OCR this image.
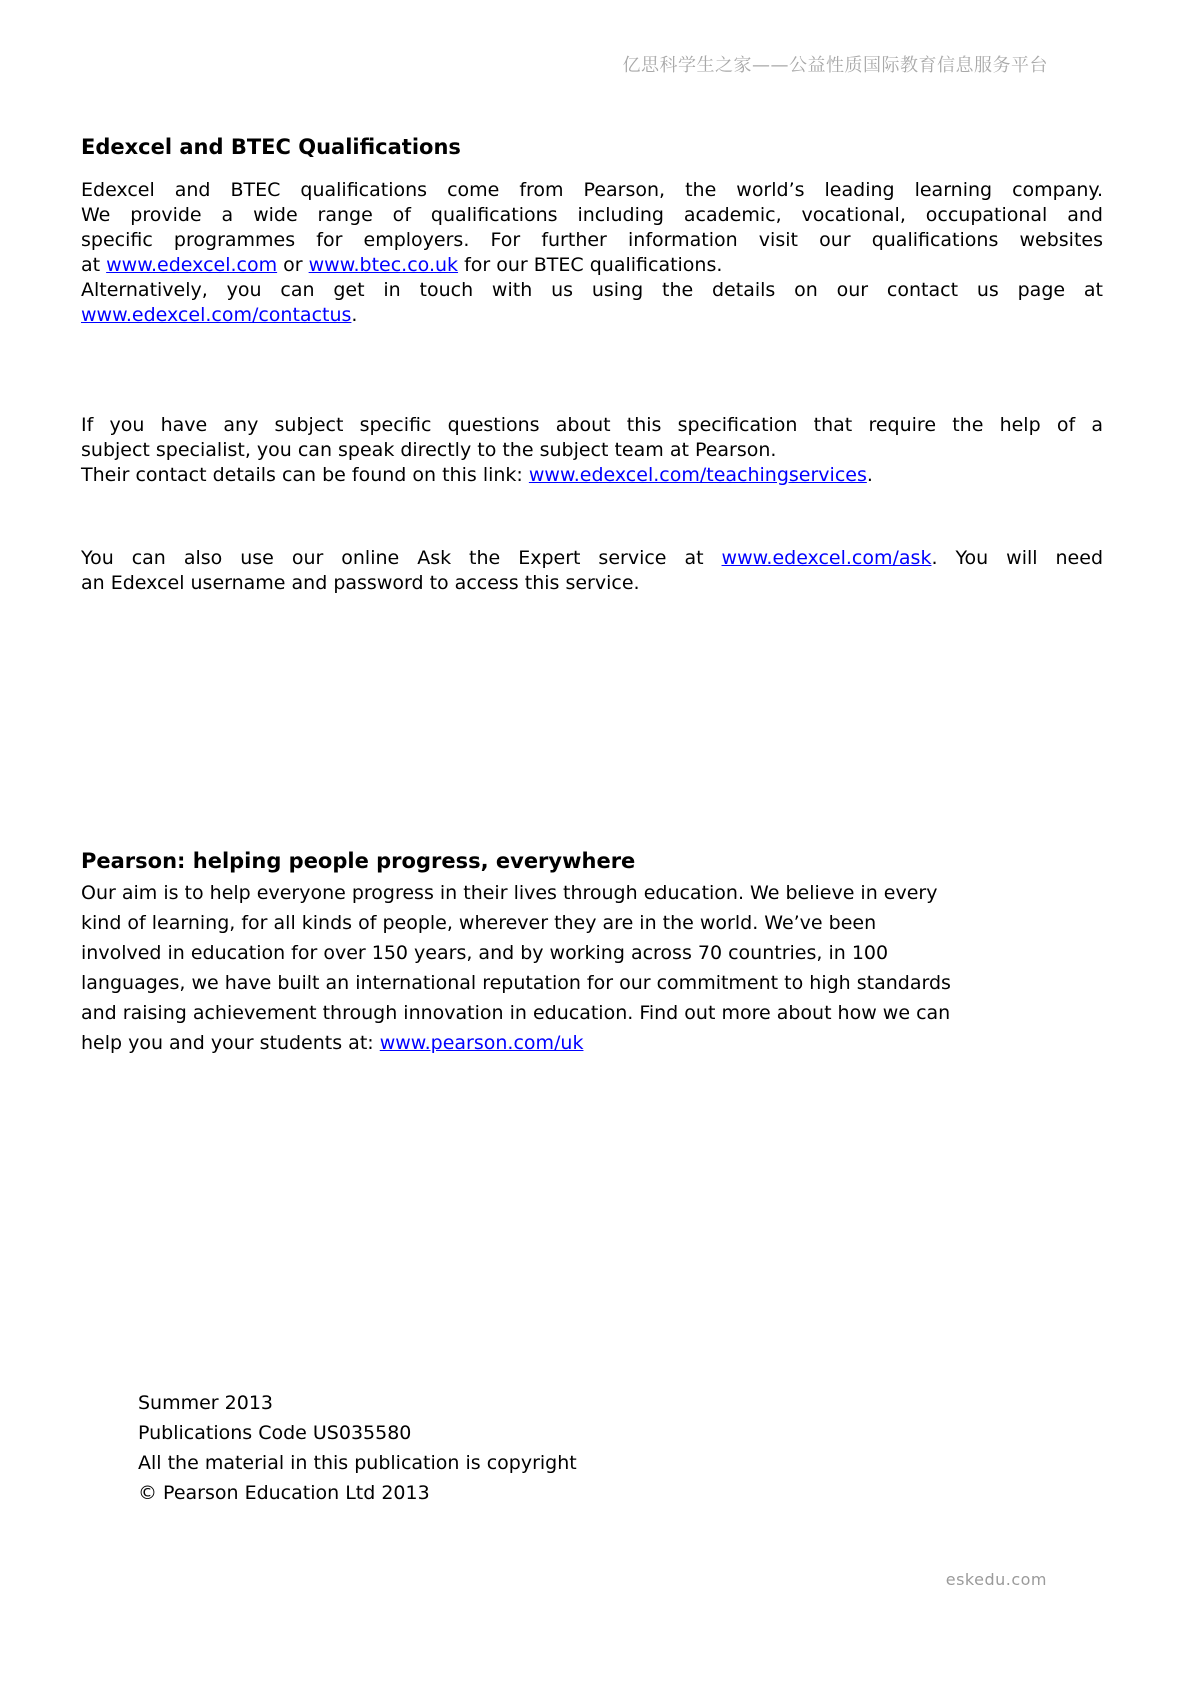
亿思科学生之家——公益性质国际教育信息服务平台
Edexcel and BTEC Qualifications
Edexcel and BTEC qualifications come from Pearson, the world’s leading learning company.
We provide a wide range of qualifications including academic, vocational, occupational and
specific programmes for employers. For further information visit our qualifications websites
at www.edexcel.com or www.btec.co.uk for our BTEC qualifications.
Alternatively, you can get in touch with us using the details on our contact us page at
www.edexcel.com/contactus.
If you have any subject specific questions about this specification that require the help of a
subject specialist, you can speak directly to the subject team at Pearson.
Their contact details can be found on this link: www.edexcel.com/teachingservices.
You can also use our online Ask the Expert service at www.edexcel.com/ask. You will need
an Edexcel username and password to access this service.
Pearson: helping people progress, everywhere
Our aim is to help everyone progress in their lives through education. We believe in every
kind of learning, for all kinds of people, wherever they are in the world. We’ve been
involved in education for over 150 years, and by working across 70 countries, in 100
languages, we have built an international reputation for our commitment to high standards
and raising achievement through innovation in education. Find out more about how we can
help you and your students at: www.pearson.com/uk
Summer 2013
Publications Code US035580
All the material in this publication is copyright
© Pearson Education Ltd 2013
eskedu.com
